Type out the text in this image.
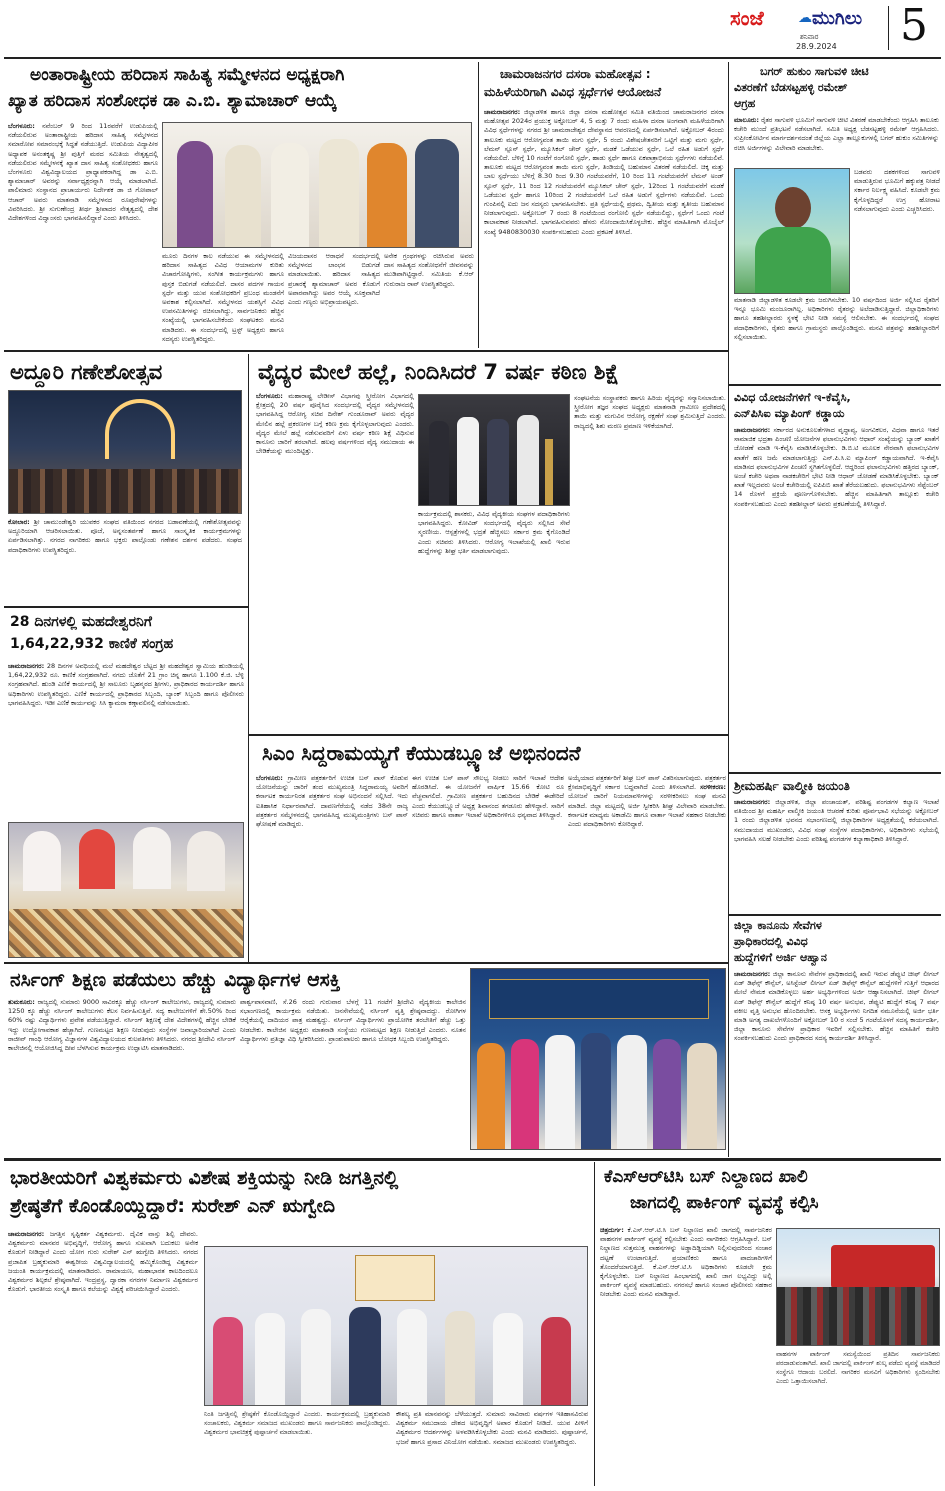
ಸಂಜೆ ☁ ಮುಗಿಲು
ಶನಿವಾರ
28.9.2024 5
ಅಂತಾರಾಷ್ಟ್ರೀಯ ಹರಿದಾಸ ಸಾಹಿತ್ಯ ಸಮ್ಮೇಳನದ ಅಧ್ಯಕ್ಷರಾಗಿ
ಖ್ಯಾತ ಹರಿದಾಸ ಸಂಶೋಧಕ ಡಾ ಎ.ಬಿ. ಶ್ಯಾಮಾಚಾರ್ ಆಯ್ಕೆ
ಬೆಂಗಳೂರು: ನವೆಂಬರ್ 9 ರಿಂದ 11ರವರೆಗೆ ಉಡುಪಿಯಲ್ಲಿ ನಡೆಯಲಿರುವ ಅಂತಾರಾಷ್ಟ್ರೀಯ ಹರಿದಾಸ ಸಾಹಿತ್ಯ ಸಮ್ಮೇಳನದ ಸಮಾರೋಪ ಸಮಾರಂಭಕ್ಕೆ ಸಿದ್ಧತೆ ನಡೆಯುತ್ತಿದೆ. ಉಡುಪಿಯ ವಿದ್ಯಾಪೀಠ ಅಧ್ಯಾಪಕ ಅನಂತಕೃಷ್ಣ ಶ್ರೀ ಪುತ್ತಿಗೆ ಮಠದ ಸಮಿತಿಯ ನೇತೃತ್ವದಲ್ಲಿ ನಡೆಯಲಿರುವ ಸಮ್ಮೇಳನಕ್ಕೆ ಖ್ಯಾತ ದಾಸ ಸಾಹಿತ್ಯ ಸಂಶೋಧಕರು ಹಾಗೂ ಬೆಂಗಳೂರು ವಿಶ್ವವಿದ್ಯಾಲಯದ ಪ್ರಾಧ್ಯಾಪಕರಾಗಿದ್ದ ಡಾ ಎ.ಬಿ. ಶ್ಯಾಮಾಚಾರ್ ಅವರನ್ನು ಸರ್ವಾಧ್ಯಕ್ಷರನ್ನಾಗಿ ಆಯ್ಕೆ ಮಾಡಲಾಗಿದೆ. ಪಾಲಿಮಾರು ಸಂಸ್ಥಾನದ ಪ್ರಾಚಾರ್ಯರು ನಿರ್ದೇಶಕ ಡಾ ಜಿ ಗೋಪಾಲ್ ಆಚಾರ್ ಅವರು ಮಾತನಾಡಿ ಸಮ್ಮೇಳನದ ರೂಪುರೇಷೆಗಳನ್ನು ವಿವರಿಸಿದರು. ಶ್ರೀ ಸುಗುಣೇಂದ್ರ ತೀರ್ಥ ಶ್ರೀಪಾದರ ನೇತೃತ್ವದಲ್ಲಿ ದೇಶ ವಿದೇಶಗಳಿಂದ ವಿದ್ವಾಂಸರು ಭಾಗವಹಿಸಲಿದ್ದಾರೆ ಎಂದು ತಿಳಿಸಿದರು.
ಮೂರು ದಿನಗಳ ಕಾಲ ನಡೆಯುವ ಈ ಸಮ್ಮೇಳನದಲ್ಲಿ ಹರಿದಾಸ ಸಾಹಿತ್ಯದ ವಿವಿಧ ಆಯಾಮಗಳ ಕುರಿತು ವಿಚಾರಗೋಷ್ಠಿಗಳು, ಸಂಗೀತ ಕಾರ್ಯಕ್ರಮಗಳು ಹಾಗೂ ಪುಸ್ತಕ ಬಿಡುಗಡೆ ನಡೆಯಲಿದೆ. ದಾಸರ ಪದಗಳ ಗಾಯನ ಸ್ಪರ್ಧೆ ಮತ್ತು ಯುವ ಸಂಶೋಧಕರಿಗೆ ಪ್ರಬಂಧ ಮಂಡನೆಗೆ ಅವಕಾಶ ಕಲ್ಪಿಸಲಾಗಿದೆ. ಸಮ್ಮೇಳನದ ಯಶಸ್ಸಿಗೆ ವಿವಿಧ ಉಪಸಮಿತಿಗಳನ್ನು ರಚಿಸಲಾಗಿದ್ದು, ಸಾರ್ವಜನಿಕರು ಹೆಚ್ಚಿನ ಸಂಖ್ಯೆಯಲ್ಲಿ ಭಾಗವಹಿಸಬೇಕೆಂದು ಸಂಘಟಕರು ಮನವಿ ಮಾಡಿದರು. ಈ ಸಂದರ್ಭದಲ್ಲಿ ಟ್ರಸ್ಟ್ ಅಧ್ಯಕ್ಷರು ಹಾಗೂ ಸದಸ್ಯರು ಉಪಸ್ಥಿತರಿದ್ದರು.
ವಿಜಯದಾಸರ ಆರಾಧನೆ ಸಂದರ್ಭದಲ್ಲಿ ಸಮ್ಮೇಳನದ ಲಾಂಛನ ಬಿಡುಗಡೆ ಮಾಡಲಾಯಿತು. ಹರಿದಾಸ ಸಾಹಿತ್ಯದ ಪ್ರಚಾರಕ್ಕೆ ಶ್ಯಾಮಾಚಾರ್ ಅವರ ಕೊಡುಗೆ ಅಪಾರವಾಗಿದ್ದು ಅವರ ಆಯ್ಕೆ ಸೂಕ್ತವಾಗಿದೆ ಎಂದು ಗಣ್ಯರು ಅಭಿಪ್ರಾಯಪಟ್ಟರು.
ಅನೇಕ ಗ್ರಂಥಗಳನ್ನು ರಚಿಸಿರುವ ಅವರು ದಾಸ ಸಾಹಿತ್ಯದ ಸಂಶೋಧನೆಗೆ ಜೀವನವನ್ನು ಮುಡಿಪಾಗಿಟ್ಟಿದ್ದಾರೆ. ಸಮಿತಿಯ ಕೆ.ಆರ್ ಗುರುರಾಜ ರಾವ್ ಉಪಸ್ಥಿತರಿದ್ದರು.
ಚಾಮರಾಜನಗರ ದಸರಾ ಮಹೋತ್ಸವ :
ಮಹಿಳೆಯರಿಗಾಗಿ ವಿವಿಧ ಸ್ಪರ್ಧೆಗಳ ಆಯೋಜನೆ
ಚಾಮರಾಜನಗರ: ಜಿಲ್ಲಾಡಳಿತ ಹಾಗೂ ಜಿಲ್ಲಾ ದಸರಾ ಮಹೋತ್ಸವ ಸಮಿತಿ ವತಿಯಿಂದ ಚಾಮರಾಜನಗರ ದಸರಾ ಮಹೋತ್ಸವ 2024ರ ಪ್ರಯುಕ್ತ ಅಕ್ಟೋಬರ್ 4, 5 ಮತ್ತು 7 ರಂದು ಮಹಿಳಾ ದಸರಾ ಅಂಗವಾಗಿ ಮಹಿಳೆಯರಿಗಾಗಿ ವಿವಿಧ ಸ್ಪರ್ಧೆಗಳನ್ನು ನಗರದ ಶ್ರೀ ಚಾಮರಾಜೇಶ್ವರ ದೇವಸ್ಥಾನದ ಆವರಣದಲ್ಲಿ ಏರ್ಪಡಿಸಲಾಗಿದೆ. ಅಕ್ಟೋಬರ್ 4ರಂದು ತಾಲೂಕು ಮಟ್ಟದ ಆರೋಗ್ಯವಂತ ತಾಯಿ ಮಗು ಸ್ಪರ್ಧೆ, 5 ರಂದು ವಿಶೇಷಚೇತನರಿಗೆ ಒಟ್ಟಿಗೆ ಮತ್ತು ಮಗು ಸ್ಪರ್ಧೆ, ಲೆಮನ್ ಸ್ಪೂನ್ ಸ್ಪರ್ಧೆ, ಮ್ಯೂಸಿಕಲ್ ಚೇರ್ ಸ್ಪರ್ಧೆ, ಮಡಕೆ ಒಡೆಯುವ ಸ್ಪರ್ಧೆ, ಒಲೆ ರಹಿತ ಅಡುಗೆ ಸ್ಪರ್ಧೆ ನಡೆಯಲಿದೆ. ಬೆಳಿಗ್ಗೆ 10 ಗಂಟೆಗೆ ರಂಗೋಲಿ ಸ್ಪರ್ಧೆ, ಹಾಡು ಸ್ಪರ್ಧೆ ಹಾಗೂ ಏಕಪಾತ್ರಾಭಿನಯ ಸ್ಪರ್ಧೆಗಳು ನಡೆಯಲಿವೆ. ತಾಲೂಕು ಮಟ್ಟದ ಆರೋಗ್ಯವಂತ ತಾಯಿ ಮಗು ಸ್ಪರ್ಧೆ, ತಿಂಡಿಯಲ್ಲಿ ಬಹುಮಾನ ವಿತರಣೆ ನಡೆಯಲಿದೆ. ಚಿಕ್ಕ ಮತ್ತು ಬಾಲ ಸ್ಪರ್ಧೆಯು ಬೆಳಿಗ್ಗೆ 8.30 ರಿಂದ 9.30 ಗಂಟೆಯವರೆಗೆ, 10 ರಿಂದ 11 ಗಂಟೆಯವರೆಗೆ ಲೆಮನ್ ಅಂಡ್ ಸ್ಪೂನ್ ಸ್ಪರ್ಧೆ, 11 ರಿಂದ 12 ಗಂಟೆಯವರೆಗೆ ಮ್ಯೂಸಿಕಲ್ ಚೇರ್ ಸ್ಪರ್ಧೆ, 12ರಿಂದ 1 ಗಂಟೆಯವರೆಗೆ ಮಡಕೆ ಒಡೆಯುವ ಸ್ಪರ್ಧೆ ಹಾಗೂ 10ರಿಂದ 2 ಗಂಟೆಯವರೆಗೆ ಒಲೆ ರಹಿತ ಅಡುಗೆ ಸ್ಪರ್ಧೆಗಳು ನಡೆಯಲಿವೆ. ಒಂದು ಗುಂಪಿನಲ್ಲಿ ಐದು ಜನ ಸದಸ್ಯರು ಭಾಗವಹಿಸಬೇಕು. ಪ್ರತಿ ಸ್ಪರ್ಧೆಯಲ್ಲಿ ಪ್ರಥಮ, ದ್ವಿತೀಯ ಮತ್ತು ತೃತೀಯ ಬಹುಮಾನ ನೀಡಲಾಗುವುದು. ಅಕ್ಟೋಬರ್ 7 ರಂದು 8 ಗಂಟೆಯಿಂದ ರಂಗೋಲಿ ಸ್ಪರ್ಧೆ ನಡೆಯಲಿದ್ದು, ಸ್ಪರ್ಧೆಗೆ ಒಂದು ಗಂಟೆ ಕಾಲಾವಕಾಶ ನೀಡಲಾಗಿದೆ. ಭಾಗವಹಿಸುವವರು ಹೆಸರು ನೋಂದಾಯಿಸಿಕೊಳ್ಳಬೇಕು. ಹೆಚ್ಚಿನ ಮಾಹಿತಿಗಾಗಿ ಮೊಬೈಲ್ ಸಂಖ್ಯೆ 9480830030 ಸಂಪರ್ಕಿಸಬಹುದು ಎಂದು ಪ್ರಕಟಣೆ ತಿಳಿಸಿದೆ.
ಬಗರ್ ಹುಕುಂ ಸಾಗುವಳಿ ಚೀಟಿ
ವಿತರಣೆಗೆ ಬೆಡಸಟ್ಟಹಳ್ಳಿ ರಮೇಶ್
ಆಗ್ರಹ
ಮಾಲೂರು: ರೈತರ ಸಾಗುವಳಿ ಭೂಮಿಗೆ ಸಾಗುವಳಿ ಚೀಟಿ ವಿತರಣೆ ಮಾಡಬೇಕೆಂದು ಆಗ್ರಹಿಸಿ ತಾಲೂಕು ಕಚೇರಿ ಮುಂದೆ ಪ್ರತಿಭಟನೆ ನಡೆಸಲಾಗಿದೆ. ಸಮಿತಿ ಅಧ್ಯಕ್ಷ ಬೆಡಸಟ್ಟಹಳ್ಳಿ ರಮೇಶ್ ಆಗ್ರಹಿಸಿದರು. ಸುಪ್ರೀಂಕೋರ್ಟಿನ ಮಾರ್ಗದರ್ಶನದಂತೆ ಜಿಲ್ಲೆಯ ಎಲ್ಲಾ ತಾಲ್ಲೂಕುಗಳಲ್ಲಿ ಬಗರ್ ಹುಕುಂ ಸಮಿತಿಗಳನ್ನು ರಚಿಸಿ ಅರ್ಜಿಗಳನ್ನು ವಿಲೇವಾರಿ ಮಾಡಬೇಕು.
ಬಡವರು ದಶಕಗಳಿಂದ ಸಾಗುವಳಿ ಮಾಡುತ್ತಿರುವ ಭೂಮಿಗೆ ಹಕ್ಕುಪತ್ರ ನೀಡದೆ ಸರ್ಕಾರ ನಿರ್ಲಕ್ಷ್ಯ ವಹಿಸಿದೆ. ಕೂಡಲೇ ಕ್ರಮ ಕೈಗೊಳ್ಳದಿದ್ದರೆ ಉಗ್ರ ಹೋರಾಟ ನಡೆಸಲಾಗುವುದು ಎಂದು ಎಚ್ಚರಿಸಿದರು.
ಮಾತನಾಡಿ ಜಿಲ್ಲಾಡಳಿತ ಕೂಡಲೇ ಕ್ರಮ ಜರುಗಿಸಬೇಕು. 10 ವರ್ಷದಿಂದ ಅರ್ಜಿ ಸಲ್ಲಿಸಿದ ರೈತರಿಗೆ ಇನ್ನೂ ಭೂಮಿ ಮಂಜೂರಾಗಿಲ್ಲ. ಅಧಿಕಾರಿಗಳು ರೈತರನ್ನು ಅಲೆದಾಡಿಸುತ್ತಿದ್ದಾರೆ. ಜಿಲ್ಲಾಧಿಕಾರಿಗಳು ಹಾಗೂ ತಹಶೀಲ್ದಾರರು ಸ್ಥಳಕ್ಕೆ ಭೇಟಿ ನೀಡಿ ಸಮಸ್ಯೆ ಆಲಿಸಬೇಕು. ಈ ಸಂದರ್ಭದಲ್ಲಿ ಸಂಘದ ಪದಾಧಿಕಾರಿಗಳು, ರೈತರು ಹಾಗೂ ಗ್ರಾಮಸ್ಥರು ಪಾಲ್ಗೊಂಡಿದ್ದರು. ಮನವಿ ಪತ್ರವನ್ನು ತಹಶೀಲ್ದಾರರಿಗೆ ಸಲ್ಲಿಸಲಾಯಿತು.
ಅದ್ದೂರಿ ಗಣೇಶೋತ್ಸವ
ಕೋಲಾರ: ಶ್ರೀ ಚಾಮುಂಡೇಶ್ವರಿ ಯುವಕರ ಸಂಘದ ವತಿಯಿಂದ ನಗರದ ಬಡಾವಣೆಯಲ್ಲಿ ಗಣೇಶೋತ್ಸವವನ್ನು ಅದ್ದೂರಿಯಾಗಿ ಆಚರಿಸಲಾಯಿತು. ಪೂಜೆ, ಅನ್ನಸಂತರ್ಪಣೆ ಹಾಗೂ ಸಾಂಸ್ಕೃತಿಕ ಕಾರ್ಯಕ್ರಮಗಳನ್ನು ಏರ್ಪಡಿಸಲಾಗಿತ್ತು. ನಗರದ ನಾಗರಿಕರು ಹಾಗೂ ಭಕ್ತರು ಪಾಲ್ಗೊಂಡು ಗಣೇಶನ ದರ್ಶನ ಪಡೆದರು. ಸಂಘದ ಪದಾಧಿಕಾರಿಗಳು ಉಪಸ್ಥಿತರಿದ್ದರು.
ವೈದ್ಯರ ಮೇಲೆ ಹಲ್ಲೆ, ನಿಂದಿಸಿದರೆ 7 ವರ್ಷ ಕಠಿಣ ಶಿಕ್ಷೆ
ಬೆಂಗಳೂರು: ಮಹಾರಾಷ್ಟ್ರ ಲೇಡೀಸ್ ವಿಭಾಗವು ಸ್ತ್ರೀರೋಗ ವಿಭಾಗದಲ್ಲಿ ಕ್ಷೇತ್ರದಲ್ಲಿ 20 ವರ್ಷ ಪೂರೈಸಿದ ಸಂದರ್ಭದಲ್ಲಿ ವೈದ್ಯರ ಸಮ್ಮೇಳನದಲ್ಲಿ ಭಾಗವಹಿಸಿದ್ದ ಆರೋಗ್ಯ ಸಚಿವ ದಿನೇಶ್ ಗುಂಡೂರಾವ್ ಅವರು ವೈದ್ಯರ ಮೇಲಿನ ಹಲ್ಲೆ ಪ್ರಕರಣಗಳ ಬಗ್ಗೆ ಕಠಿಣ ಕ್ರಮ ಕೈಗೊಳ್ಳಲಾಗುವುದು ಎಂದರು. ವೈದ್ಯರ ಮೇಲೆ ಹಲ್ಲೆ ನಡೆಸುವವರಿಗೆ ಏಳು ವರ್ಷ ಕಠಿಣ ಶಿಕ್ಷೆ ವಿಧಿಸುವ ಕಾನೂನು ಜಾರಿಗೆ ತರಲಾಗಿದೆ. ಹಲವು ವರ್ಷಗಳಿಂದ ವೈದ್ಯ ಸಮುದಾಯ ಈ ಬೇಡಿಕೆಯನ್ನು ಮುಂದಿಟ್ಟಿತ್ತು.
ಕಾರ್ಯಕ್ರಮದಲ್ಲಿ ಶಾಸಕರು, ವಿವಿಧ ವೈದ್ಯಕೀಯ ಸಂಘಗಳ ಪದಾಧಿಕಾರಿಗಳು ಭಾಗವಹಿಸಿದ್ದರು. ಕೋವಿಡ್ ಸಂದರ್ಭದಲ್ಲಿ ವೈದ್ಯರು ಸಲ್ಲಿಸಿದ ಸೇವೆ ಸ್ಮರಣೀಯ. ಆಸ್ಪತ್ರೆಗಳಲ್ಲಿ ಭದ್ರತೆ ಹೆಚ್ಚಿಸಲು ಸರ್ಕಾರ ಕ್ರಮ ಕೈಗೊಂಡಿದೆ ಎಂದು ಸಚಿವರು ತಿಳಿಸಿದರು. ಆರೋಗ್ಯ ಇಲಾಖೆಯಲ್ಲಿ ಖಾಲಿ ಇರುವ ಹುದ್ದೆಗಳನ್ನು ಶೀಘ್ರ ಭರ್ತಿ ಮಾಡಲಾಗುವುದು.
ಸಂಘಟನೆಯ ಸಂಸ್ಥಾಪಕರು ಹಾಗೂ ಹಿರಿಯ ವೈದ್ಯರನ್ನು ಸನ್ಮಾನಿಸಲಾಯಿತು. ಸ್ತ್ರೀರೋಗ ತಜ್ಞರ ಸಂಘದ ಅಧ್ಯಕ್ಷರು ಮಾತನಾಡಿ ಗ್ರಾಮೀಣ ಪ್ರದೇಶದಲ್ಲಿ ತಾಯಿ ಮತ್ತು ಮಗುವಿನ ಆರೋಗ್ಯ ರಕ್ಷಣೆಗೆ ಸಂಘ ಶ್ರಮಿಸುತ್ತಿದೆ ಎಂದರು. ರಾಜ್ಯದಲ್ಲಿ ಶಿಶು ಮರಣ ಪ್ರಮಾಣ ಇಳಿಕೆಯಾಗಿದೆ.
28 ದಿನಗಳಲ್ಲಿ ಮಹದೇಶ್ವರನಿಗೆ
1,64,22,932 ಕಾಣಿಕೆ ಸಂಗ್ರಹ
ಚಾಮರಾಜನಗರ: 28 ದಿನಗಳ ಅವಧಿಯಲ್ಲಿ ಮಲೆ ಮಹದೇಶ್ವರ ಬೆಟ್ಟದ ಶ್ರೀ ಮಹದೇಶ್ವರ ಸ್ವಾಮಿಯ ಹುಂಡಿಯಲ್ಲಿ 1,64,22,932 ರೂ. ಕಾಣಿಕೆ ಸಂಗ್ರಹವಾಗಿದೆ. ನಗದು ಜೊತೆಗೆ 21 ಗ್ರಾಂ ಚಿನ್ನ ಹಾಗೂ 1.100 ಕೆ.ಜಿ. ಬೆಳ್ಳಿ ಸಂಗ್ರಹವಾಗಿದೆ. ಹುಂಡಿ ಎಣಿಕೆ ಕಾರ್ಯದಲ್ಲಿ ಶ್ರೀ ಸಾಲೂರು ಬೃಹನ್ಮಠದ ಶ್ರೀಗಳು, ಪ್ರಾಧಿಕಾರದ ಕಾರ್ಯದರ್ಶಿ ಹಾಗೂ ಅಧಿಕಾರಿಗಳು ಉಪಸ್ಥಿತರಿದ್ದರು. ಎಣಿಕೆ ಕಾರ್ಯದಲ್ಲಿ ಪ್ರಾಧಿಕಾರದ ಸಿಬ್ಬಂದಿ, ಬ್ಯಾಂಕ್ ಸಿಬ್ಬಂದಿ ಹಾಗೂ ಪೊಲೀಸರು ಭಾಗವಹಿಸಿದ್ದರು. ಇಡೀ ಎಣಿಕೆ ಕಾರ್ಯವನ್ನು ಸಿಸಿ ಕ್ಯಾಮರಾ ಕಣ್ಗಾವಲಿನಲ್ಲಿ ನಡೆಸಲಾಯಿತು.
ಸಿಎಂ ಸಿದ್ದರಾಮಯ್ಯಗೆ ಕೆಯುಡಬ್ಲ್ಯೂಜೆ ಅಭಿನಂದನೆ
ಬೆಂಗಳೂರು: ಗ್ರಾಮೀಣ ಪತ್ರಕರ್ತರಿಗೆ ಉಚಿತ ಬಸ್ ಪಾಸ್ ಕೊಡುವ ಯೋಜನೆಯನ್ನು ಜಾರಿಗೆ ತಂದ ಮುಖ್ಯಮಂತ್ರಿ ಸಿದ್ದರಾಮಯ್ಯ ಅವರಿಗೆ ಕರ್ನಾಟಕ ಕಾರ್ಯನಿರತ ಪತ್ರಕರ್ತರ ಸಂಘ ಅಭಿನಂದನೆ ಸಲ್ಲಿಸಿದೆ. ಇದು ಐತಿಹಾಸಿಕ ನಿರ್ಧಾರವಾಗಿದೆ. ದಾವಣಗೆರೆಯಲ್ಲಿ ನಡೆದ 38ನೇ ರಾಜ್ಯ ಪತ್ರಕರ್ತರ ಸಮ್ಮೇಳನದಲ್ಲಿ ಭಾಗವಹಿಸಿದ್ದ ಮುಖ್ಯಮಂತ್ರಿಗಳು ಬಸ್ ಪಾಸ್ ಘೋಷಣೆ ಮಾಡಿದ್ದರು.
ಈಗ ಉಚಿತ ಬಸ್ ಪಾಸ್ ಸೌಲಭ್ಯ ನೀಡಲು ಸಾರಿಗೆ ಇಲಾಖೆ ಆದೇಶ ಹೊರಡಿಸಿದೆ. ಈ ಯೋಜನೆಗೆ ವಾರ್ಷಿಕ 15.66 ಕೋಟಿ ರೂ ವೆಚ್ಚವಾಗಲಿದೆ. ಗ್ರಾಮೀಣ ಪತ್ರಕರ್ತರ ಬಹುದಿನದ ಬೇಡಿಕೆ ಈಡೇರಿದೆ ಎಂದು ಕೆಯುಡಬ್ಲ್ಯೂಜೆ ಅಧ್ಯಕ್ಷ ಶಿವಾನಂದ ತಗಡೂರು ಹೇಳಿದ್ದಾರೆ. ಸಾರಿಗೆ ಸಚಿವರು ಹಾಗೂ ವಾರ್ತಾ ಇಲಾಖೆ ಅಧಿಕಾರಿಗಳಿಗೂ ಧನ್ಯವಾದ ತಿಳಿಸಿದ್ದಾರೆ.
ಅಯ್ಕೆಯಾದ ಪತ್ರಕರ್ತರಿಗೆ ಶೀಘ್ರ ಬಸ್ ಪಾಸ್ ವಿತರಿಸಲಾಗುವುದು. ಪತ್ರಕರ್ತರ ಕ್ಷೇಮಾಭಿವೃದ್ಧಿಗೆ ಸರ್ಕಾರ ಬದ್ಧವಾಗಿದೆ ಎಂದು ತಿಳಿಸಲಾಗಿದೆ. ಸರಳೀಕರಣ: ಯೋಜನೆ ಜಾರಿಗೆ ನಿಯಮಾವಳಿಗಳನ್ನು ಸರಳೀಕರಿಸಲು ಸಂಘ ಮನವಿ ಮಾಡಿದೆ. ಜಿಲ್ಲಾ ಮಟ್ಟದಲ್ಲಿ ಅರ್ಜಿ ಸ್ವೀಕರಿಸಿ ಶೀಘ್ರ ವಿಲೇವಾರಿ ಮಾಡಬೇಕು. ಕರ್ನಾಟಕ ಮಾಧ್ಯಮ ಅಕಾಡೆಮಿ ಹಾಗೂ ವಾರ್ತಾ ಇಲಾಖೆ ಸಹಕಾರ ನೀಡಬೇಕು ಎಂದು ಪದಾಧಿಕಾರಿಗಳು ಕೋರಿದ್ದಾರೆ.
ನರ್ಸಿಂಗ್ ಶಿಕ್ಷಣ ಪಡೆಯಲು ಹೆಚ್ಚು ವಿದ್ಯಾರ್ಥಿಗಳ ಆಸಕ್ತಿ
ತುಮಕೂರು: ರಾಜ್ಯದಲ್ಲಿ ಸುಮಾರು 9000 ಸಾವಿರಕ್ಕೂ ಹೆಚ್ಚು ನರ್ಸಿಂಗ್ ಕಾಲೇಜುಗಳು, ರಾಜ್ಯದಲ್ಲಿ ಸುಮಾರು 1250 ಕ್ಕೂ ಹೆಚ್ಚು ನರ್ಸಿಂಗ್ ಕಾಲೇಜುಗಳು ಕೆಲಸ ನಿರ್ವಹಿಸುತ್ತಿವೆ. ಸದ್ಯ ಕಾಲೇಜುಗಳಿಗೆ ಶೇ.50% ರಿಂದ 60% ರಷ್ಟು ವಿದ್ಯಾರ್ಥಿಗಳು ಪ್ರವೇಶ ಪಡೆಯುತ್ತಿದ್ದಾರೆ. ನರ್ಸಿಂಗ್ ಶಿಕ್ಷಣಕ್ಕೆ ದೇಶ ವಿದೇಶಗಳಲ್ಲಿ ಹೆಚ್ಚಿನ ಬೇಡಿಕೆ ಇದ್ದು ಉದ್ಯೋಗಾವಕಾಶ ಹೆಚ್ಚಾಗಿದೆ. ಗುಣಮಟ್ಟದ ಶಿಕ್ಷಣ ನೀಡುವುದು ಸಂಸ್ಥೆಗಳ ಜವಾಬ್ದಾರಿಯಾಗಿದೆ ಎಂದು ರಾಜೀವ್ ಗಾಂಧಿ ಆರೋಗ್ಯ ವಿಜ್ಞಾನಗಳ ವಿಶ್ವವಿದ್ಯಾಲಯದ ಕುಲಪತಿಗಳು ತಿಳಿಸಿದರು. ನಗರದ ಶ್ರೀದೇವಿ ನರ್ಸಿಂಗ್ ಕಾಲೇಜಿನಲ್ಲಿ ಆಯೋಜಿಸಿದ್ದ ದೀಪ ಬೆಳಗಿಸುವ ಕಾರ್ಯಕ್ರಮ ಉದ್ಘಾಟಿಸಿ ಮಾತನಾಡಿದರು.
ಪಾರ್ಶ್ವಪಾಸವಾಣಿ, ಸೆ.26 ರಂದು ಗುರುವಾರ ಬೆಳಗ್ಗೆ 11 ಗಂಟೆಗೆ ಶ್ರೀದೇವಿ ವೈದ್ಯಕೀಯ ಕಾಲೇಜಿನ ಸಭಾಂಗಣದಲ್ಲಿ ಕಾರ್ಯಕ್ರಮ ನಡೆಯಿತು. ಜನಸೇವೆಯಲ್ಲಿ ನರ್ಸಿಂಗ್ ವೃತ್ತಿ ಶ್ರೇಷ್ಠವಾದದ್ದು. ರೋಗಿಗಳ ಆರೈಕೆಯಲ್ಲಿ ದಾದಿಯರ ಪಾತ್ರ ಮಹತ್ವದ್ದು. ನರ್ಸಿಂಗ್ ವಿದ್ಯಾರ್ಥಿಗಳು ಪ್ರಾಯೋಗಿಕ ತರಬೇತಿಗೆ ಹೆಚ್ಚು ಒತ್ತು ನೀಡಬೇಕು. ಕಾಲೇಜಿನ ಅಧ್ಯಕ್ಷರು ಮಾತನಾಡಿ ಸಂಸ್ಥೆಯು ಗುಣಮಟ್ಟದ ಶಿಕ್ಷಣ ನೀಡುತ್ತಿದೆ ಎಂದರು. ನೂತನ ವಿದ್ಯಾರ್ಥಿಗಳು ಪ್ರತಿಜ್ಞಾ ವಿಧಿ ಸ್ವೀಕರಿಸಿದರು. ಪ್ರಾಂಶುಪಾಲರು ಹಾಗೂ ಬೋಧಕ ಸಿಬ್ಬಂದಿ ಉಪಸ್ಥಿತರಿದ್ದರು.
ವಿವಿಧ ಯೋಜನೆಗಳಿಗೆ ಇ-ಕೆವೈಸಿ,
ಎನ್‌ಪಿಸಿಐ ಮ್ಯಾಪಿಂಗ್ ಕಡ್ಡಾಯ
ಚಾಮರಾಜನಗರ: ಸರ್ಕಾರದ ಅನುಕೂಲತೆಗಳಾದ ವೃದ್ಧಾಪ್ಯ, ಅಂಗವಿಕಲರ, ವಿಧವಾ ಹಾಗೂ ಇತರೆ ಸಾಮಾಜಿಕ ಭದ್ರತಾ ಪಿಂಚಣಿ ಯೋಜನೆಗಳ ಫಲಾನುಭವಿಗಳು ಆಧಾರ್ ಸಂಖ್ಯೆಯನ್ನು ಬ್ಯಾಂಕ್ ಖಾತೆಗೆ ಜೋಡಣೆ ಮಾಡಿ ಇ-ಕೆವೈಸಿ ಮಾಡಿಸಿಕೊಳ್ಳಬೇಕು. ಡಿ.ಬಿ.ಟಿ ಮೂಲಕ ನೇರವಾಗಿ ಫಲಾನುಭವಿಗಳ ಖಾತೆಗೆ ಹಣ ಜಮೆ ಮಾಡಲಾಗುತ್ತಿದ್ದು ಎನ್.ಪಿ.ಸಿ.ಐ ಮ್ಯಾಪಿಂಗ್ ಕಡ್ಡಾಯವಾಗಿದೆ. ಇ-ಕೆವೈಸಿ ಮಾಡಿಸದ ಫಲಾನುಭವಿಗಳ ಪಿಂಚಣಿ ಸ್ಥಗಿತಗೊಳ್ಳಲಿದೆ. ಆದ್ದರಿಂದ ಫಲಾನುಭವಿಗಳು ಹತ್ತಿರದ ಬ್ಯಾಂಕ್, ಅಂಚೆ ಕಚೇರಿ ಅಥವಾ ನಾಡಕಚೇರಿಗೆ ಭೇಟಿ ನೀಡಿ ಆಧಾರ್ ಜೋಡಣೆ ಮಾಡಿಸಿಕೊಳ್ಳಬೇಕು. ಬ್ಯಾಂಕ್ ಖಾತೆ ಇಲ್ಲದವರು ಅಂಚೆ ಕಚೇರಿಯಲ್ಲಿ ಐಪಿಪಿಬಿ ಖಾತೆ ತೆರೆಯಬಹುದು. ಫಲಾನುಭವಿಗಳು ಸೆಪ್ಟೆಂಬರ್ 14 ರೊಳಗೆ ಪ್ರಕ್ರಿಯೆ ಪೂರ್ಣಗೊಳಿಸಬೇಕು. ಹೆಚ್ಚಿನ ಮಾಹಿತಿಗಾಗಿ ತಾಲ್ಲೂಕು ಕಚೇರಿ ಸಂಪರ್ಕಿಸಬಹುದು ಎಂದು ತಹಶೀಲ್ದಾರ್ ಅವರು ಪ್ರಕಟಣೆಯಲ್ಲಿ ತಿಳಿಸಿದ್ದಾರೆ.
ಶ್ರೀಮಹರ್ಷಿ ವಾಲ್ಮೀಕಿ ಜಯಂತಿ
ಚಾಮರಾಜನಗರ: ಜಿಲ್ಲಾಡಳಿತ, ಜಿಲ್ಲಾ ಪಂಚಾಯತ್, ಪರಿಶಿಷ್ಟ ಪಂಗಡಗಳ ಕಲ್ಯಾಣ ಇಲಾಖೆ ವತಿಯಿಂದ ಶ್ರೀ ಮಹರ್ಷಿ ವಾಲ್ಮೀಕಿ ಜಯಂತಿ ಆಚರಣೆ ಕುರಿತು ಪೂರ್ವಭಾವಿ ಸಭೆಯನ್ನು ಅಕ್ಟೋಬರ್ 1 ರಂದು ಜಿಲ್ಲಾಡಳಿತ ಭವನದ ಸಭಾಂಗಣದಲ್ಲಿ ಜಿಲ್ಲಾಧಿಕಾರಿಗಳ ಅಧ್ಯಕ್ಷತೆಯಲ್ಲಿ ಕರೆಯಲಾಗಿದೆ. ಸಮುದಾಯದ ಮುಖಂಡರು, ವಿವಿಧ ಸಂಘ ಸಂಸ್ಥೆಗಳ ಪದಾಧಿಕಾರಿಗಳು, ಅಧಿಕಾರಿಗಳು ಸಭೆಯಲ್ಲಿ ಭಾಗವಹಿಸಿ ಸಲಹೆ ನೀಡಬೇಕು ಎಂದು ಪರಿಶಿಷ್ಟ ಪಂಗಡಗಳ ಕಲ್ಯಾಣಾಧಿಕಾರಿ ತಿಳಿಸಿದ್ದಾರೆ.
ಜಿಲ್ಲಾ ಕಾನೂನು ಸೇವೆಗಳ
ಪ್ರಾಧಿಕಾರದಲ್ಲಿ ವಿವಿಧ
ಹುದ್ದೆಗಳಿಗೆ ಅರ್ಜಿ ಆಹ್ವಾನ
ಚಾಮರಾಜನಗರ: ಜಿಲ್ಲಾ ಕಾನೂನು ಸೇವೆಗಳ ಪ್ರಾಧಿಕಾರದಲ್ಲಿ ಖಾಲಿ ಇರುವ ಡೆಪ್ಯುಟಿ ಚೀಫ್ ಲೀಗಲ್ ಏಡ್ ಡಿಫೆನ್ಸ್ ಕೌನ್ಸೆಲ್, ಅಸಿಸ್ಟೆಂಟ್ ಲೀಗಲ್ ಏಡ್ ಡಿಫೆನ್ಸ್ ಕೌನ್ಸೆಲ್ ಹುದ್ದೆಗಳಿಗೆ ಗುತ್ತಿಗೆ ಆಧಾರದ ಮೇಲೆ ನೇಮಕ ಮಾಡಿಕೊಳ್ಳಲು ಅರ್ಹ ಅಭ್ಯರ್ಥಿಗಳಿಂದ ಅರ್ಜಿ ಆಹ್ವಾನಿಸಲಾಗಿದೆ. ಚೀಫ್ ಲೀಗಲ್ ಏಡ್ ಡಿಫೆನ್ಸ್ ಕೌನ್ಸೆಲ್ ಹುದ್ದೆಗೆ ಕನಿಷ್ಠ 10 ವರ್ಷ ಅನುಭವ, ಡೆಪ್ಯುಟಿ ಹುದ್ದೆಗೆ ಕನಿಷ್ಠ 7 ವರ್ಷ ವಕೀಲ ವೃತ್ತಿ ಅನುಭವ ಹೊಂದಿರಬೇಕು. ಆಸಕ್ತ ಅಭ್ಯರ್ಥಿಗಳು ನಿಗದಿತ ನಮೂನೆಯಲ್ಲಿ ಅರ್ಜಿ ಭರ್ತಿ ಮಾಡಿ ಅಗತ್ಯ ದಾಖಲೆಗಳೊಂದಿಗೆ ಅಕ್ಟೋಬರ್ 10 ರ ಸಂಜೆ 5 ಗಂಟೆಯೊಳಗೆ ಸದಸ್ಯ ಕಾರ್ಯದರ್ಶಿ, ಜಿಲ್ಲಾ ಕಾನೂನು ಸೇವೆಗಳ ಪ್ರಾಧಿಕಾರ ಇವರಿಗೆ ಸಲ್ಲಿಸಬೇಕು. ಹೆಚ್ಚಿನ ಮಾಹಿತಿಗೆ ಕಚೇರಿ ಸಂಪರ್ಕಿಸಬಹುದು ಎಂದು ಪ್ರಾಧಿಕಾರದ ಸದಸ್ಯ ಕಾರ್ಯದರ್ಶಿ ತಿಳಿಸಿದ್ದಾರೆ.
ಭಾರತೀಯರಿಗೆ ವಿಶ್ವಕರ್ಮರು ವಿಶೇಷ ಶಕ್ತಿಯನ್ನು ನೀಡಿ ಜಗತ್ತಿನಲ್ಲಿ
ಶ್ರೇಷ್ಠತೆಗೆ ಕೊಂಡೊಯ್ದಿದ್ದಾರೆ: ಸುರೇಶ್ ಎನ್ ಋಗ್ವೇದಿ
ಚಾಮರಾಜನಗರ: ಜಗತ್ತಿನ ಸೃಷ್ಟಿಕರ್ತ ವಿಶ್ವಕರ್ಮರು. ದೈವಿಕ ವಾಸ್ತು ಶಿಲ್ಪಿ ದೇವರು. ವಿಶ್ವಕರ್ಮರು ಮಾನವರ ಅಭಿವೃದ್ಧಿಗೆ, ಆರೋಗ್ಯ ಹಾಗೂ ಸುಖವಾಗಿ ಬದುಕಲು ಅನೇಕ ಕೊಡುಗೆ ನೀಡಿದ್ದಾರೆ ಎಂದು ಯೋಗ ಗುರು ಸುರೇಶ್ ಎನ್ ಋಗ್ವೇದಿ ತಿಳಿಸಿದರು. ನಗರದ ಪ್ರಜಾಪಿತ ಬ್ರಹ್ಮಕುಮಾರಿ ಈಶ್ವರೀಯ ವಿಶ್ವವಿದ್ಯಾಲಯದಲ್ಲಿ ಹಮ್ಮಿಕೊಂಡಿದ್ದ ವಿಶ್ವಕರ್ಮ ಜಯಂತಿ ಕಾರ್ಯಕ್ರಮದಲ್ಲಿ ಮಾತನಾಡಿದರು. ರಾಮಾಯಣ, ಮಹಾಭಾರತ ಕಾಲದಿಂದಲೂ ವಿಶ್ವಕರ್ಮರ ಶಿಲ್ಪಕಲೆ ಶ್ರೇಷ್ಠವಾಗಿದೆ. ಇಂದ್ರಪ್ರಸ್ಥ, ದ್ವಾರಕಾ ನಗರಗಳ ನಿರ್ಮಾಣ ವಿಶ್ವಕರ್ಮರ ಕೊಡುಗೆ. ಭಾರತೀಯ ಸಂಸ್ಕೃತಿ ಹಾಗೂ ಕಲೆಯನ್ನು ವಿಶ್ವಕ್ಕೆ ಪರಿಚಯಿಸಿದ್ದಾರೆ ಎಂದರು.
ನಿಂತಿ ಜಗತ್ತಿನಲ್ಲಿ ಶ್ರೇಷ್ಠತೆಗೆ ಕೊಂಡೊಯ್ದಿದ್ದಾರೆ ಎಂದರು. ಕಾರ್ಯಕ್ರಮದಲ್ಲಿ ಬ್ರಹ್ಮಕುಮಾರಿ ಸಂಚಾಲಕರು, ವಿಶ್ವಕರ್ಮ ಸಮಾಜದ ಮುಖಂಡರು ಹಾಗೂ ಸಾರ್ವಜನಿಕರು ಪಾಲ್ಗೊಂಡಿದ್ದರು. ವಿಶ್ವಕರ್ಮರ ಭಾವಚಿತ್ರಕ್ಕೆ ಪುಷ್ಪಾರ್ಚನೆ ಮಾಡಲಾಯಿತು.
ಕೌಶಲ್ಯ ಪ್ರತಿ ಮಾನವನನ್ನು ಬೆಳೆಯುತ್ತದೆ. ಸುಮಾರು ಸಾವಿರಾರು ವರ್ಷಗಳ ಇತಿಹಾಸವಿರುವ ವಿಶ್ವಕರ್ಮ ಸಮುದಾಯ ದೇಶದ ಅಭಿವೃದ್ಧಿಗೆ ಅಪಾರ ಕೊಡುಗೆ ನೀಡಿದೆ. ಯುವ ಪೀಳಿಗೆ ವಿಶ್ವಕರ್ಮರ ಆದರ್ಶಗಳನ್ನು ಅಳವಡಿಸಿಕೊಳ್ಳಬೇಕು ಎಂದು ಮನವಿ ಮಾಡಿದರು. ಪುಷ್ಪಾರ್ಚನೆ, ಭಜನೆ ಹಾಗೂ ಪ್ರಸಾದ ವಿನಿಯೋಗ ನಡೆಯಿತು. ಸಮಾಜದ ಮುಖಂಡರು ಉಪಸ್ಥಿತರಿದ್ದರು.
ಕೆಎಸ್‌ಆರ್‌ಟಿಸಿ ಬಸ್ ನಿಲ್ದಾಣದ ಖಾಲಿ
ಜಾಗದಲ್ಲಿ ಪಾರ್ಕಿಂಗ್ ವ್ಯವಸ್ಥೆ ಕಲ್ಪಿಸಿ
ಚಿತ್ರದುರ್ಗ: ಕೆ.ಎಸ್.ಆರ್.ಟಿ.ಸಿ ಬಸ್ ನಿಲ್ದಾಣದ ಖಾಲಿ ಜಾಗದಲ್ಲಿ ಸಾರ್ವಜನಿಕರ ವಾಹನಗಳ ಪಾರ್ಕಿಂಗ್ ವ್ಯವಸ್ಥೆ ಕಲ್ಪಿಸಬೇಕು ಎಂದು ನಾಗರಿಕರು ಆಗ್ರಹಿಸಿದ್ದಾರೆ. ಬಸ್ ನಿಲ್ದಾಣದ ಸುತ್ತಮುತ್ತ ವಾಹನಗಳನ್ನು ಅಡ್ಡಾದಿಡ್ಡಿಯಾಗಿ ನಿಲ್ಲಿಸುವುದರಿಂದ ಸಂಚಾರ ದಟ್ಟಣೆ ಉಂಟಾಗುತ್ತಿದೆ. ಪ್ರಯಾಣಿಕರು ಹಾಗೂ ಪಾದಚಾರಿಗಳಿಗೆ ತೊಂದರೆಯಾಗುತ್ತಿದೆ. ಕೆ.ಎಸ್.ಆರ್.ಟಿ.ಸಿ ಅಧಿಕಾರಿಗಳು ಕೂಡಲೇ ಕ್ರಮ ಕೈಗೊಳ್ಳಬೇಕು. ಬಸ್ ನಿಲ್ದಾಣದ ಹಿಂಭಾಗದಲ್ಲಿ ಖಾಲಿ ಜಾಗ ಲಭ್ಯವಿದ್ದು ಅಲ್ಲಿ ಪಾರ್ಕಿಂಗ್ ವ್ಯವಸ್ಥೆ ಮಾಡಬಹುದು. ನಗರಸಭೆ ಹಾಗೂ ಸಂಚಾರ ಪೊಲೀಸರು ಸಹಕಾರ ನೀಡಬೇಕು ಎಂದು ಮನವಿ ಮಾಡಿದ್ದಾರೆ.
ವಾಹನಗಳ ಪಾರ್ಕಿಂಗ್ ಸಮಸ್ಯೆಯಿಂದ ಪ್ರತಿದಿನ ಸಾರ್ವಜನಿಕರು ಪರದಾಡುವಂತಾಗಿದೆ. ಖಾಲಿ ಜಾಗದಲ್ಲಿ ಪಾರ್ಕಿಂಗ್ ಶುಲ್ಕ ಪಡೆದು ವ್ಯವಸ್ಥೆ ಮಾಡಿದರೆ ಸಂಸ್ಥೆಗೂ ಆದಾಯ ಬರಲಿದೆ. ನಾಗರಿಕರ ಮನವಿಗೆ ಅಧಿಕಾರಿಗಳು ಸ್ಪಂದಿಸಬೇಕು ಎಂದು ಒತ್ತಾಯಿಸಲಾಗಿದೆ.
